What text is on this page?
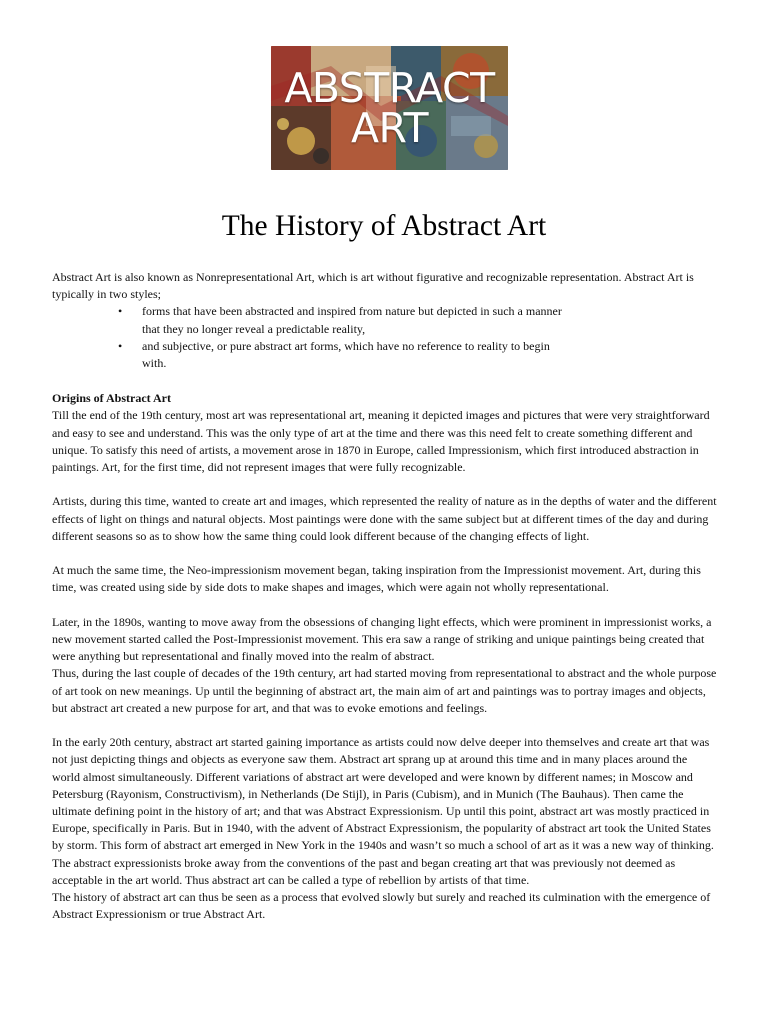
ABSTRACT
ART
The History of Abstract Art

Abstract Art is also known as Nonrepresentational Art, which is art without figurative and recognizable representation. Abstract Art is typically in two styles;

• forms that have been abstracted and inspired from nature but depicted in such a manner that they no longer reveal a predictable reality,
• and subjective, or pure abstract art forms, which have no reference to reality to begin with.

Origins of Abstract Art

Till the end of the 19th century, most art was representational art, meaning it depicted images and pictures that were very straightforward and easy to see and understand. This was the only type of art at the time and there was this need felt to create something different and unique. To satisfy this need of artists, a movement arose in 1870 in Europe, called Impressionism, which first introduced abstraction in paintings. Art, for the first time, did not represent images that were fully recognizable.

Artists, during this time, wanted to create art and images, which represented the reality of nature as in the depths of water and the different effects of light on things and natural objects. Most paintings were done with the same subject but at different times of the day and during different seasons so as to show how the same thing could look different because of the changing effects of light.

At much the same time, the Neo-impressionism movement began, taking inspiration from the Impressionist movement. Art, during this time, was created using side by side dots to make shapes and images, which were again not wholly representational.

Later, in the 1890s, wanting to move away from the obsessions of changing light effects, which were prominent in impressionist works, a new movement started called the Post-Impressionist movement. This era saw a range of striking and unique paintings being created that were anything but representational and finally moved into the realm of abstract.

Thus, during the last couple of decades of the 19th century, art had started moving from representational to abstract and the whole purpose of art took on new meanings. Up until the beginning of abstract art, the main aim of art and paintings was to portray images and objects, but abstract art created a new purpose for art, and that was to evoke emotions and feelings.

In the early 20th century, abstract art started gaining importance as artists could now delve deeper into themselves and create art that was not just depicting things and objects as everyone saw them. Abstract art sprang up at around this time and in many places around the world almost simultaneously. Different variations of abstract art were developed and were known by different names; in Moscow and Petersburg (Rayonism, Constructivism), in Netherlands (De Stijl), in Paris (Cubism), and in Munich (The Bauhaus). Then came the ultimate defining point in the history of art; and that was Abstract Expressionism. Up until this point, abstract art was mostly practiced in Europe, specifically in Paris. But in 1940, with the advent of Abstract Expressionism, the popularity of abstract art took the United States by storm. This form of abstract art emerged in New York in the 1940s and wasn’t so much a school of art as it was a new way of thinking. The abstract expressionists broke away from the conventions of the past and began creating art that was previously not deemed as acceptable in the art world. Thus abstract art can be called a type of rebellion by artists of that time.

The history of abstract art can thus be seen as a process that evolved slowly but surely and reached its culmination with the emergence of Abstract Expressionism or true Abstract Art.
